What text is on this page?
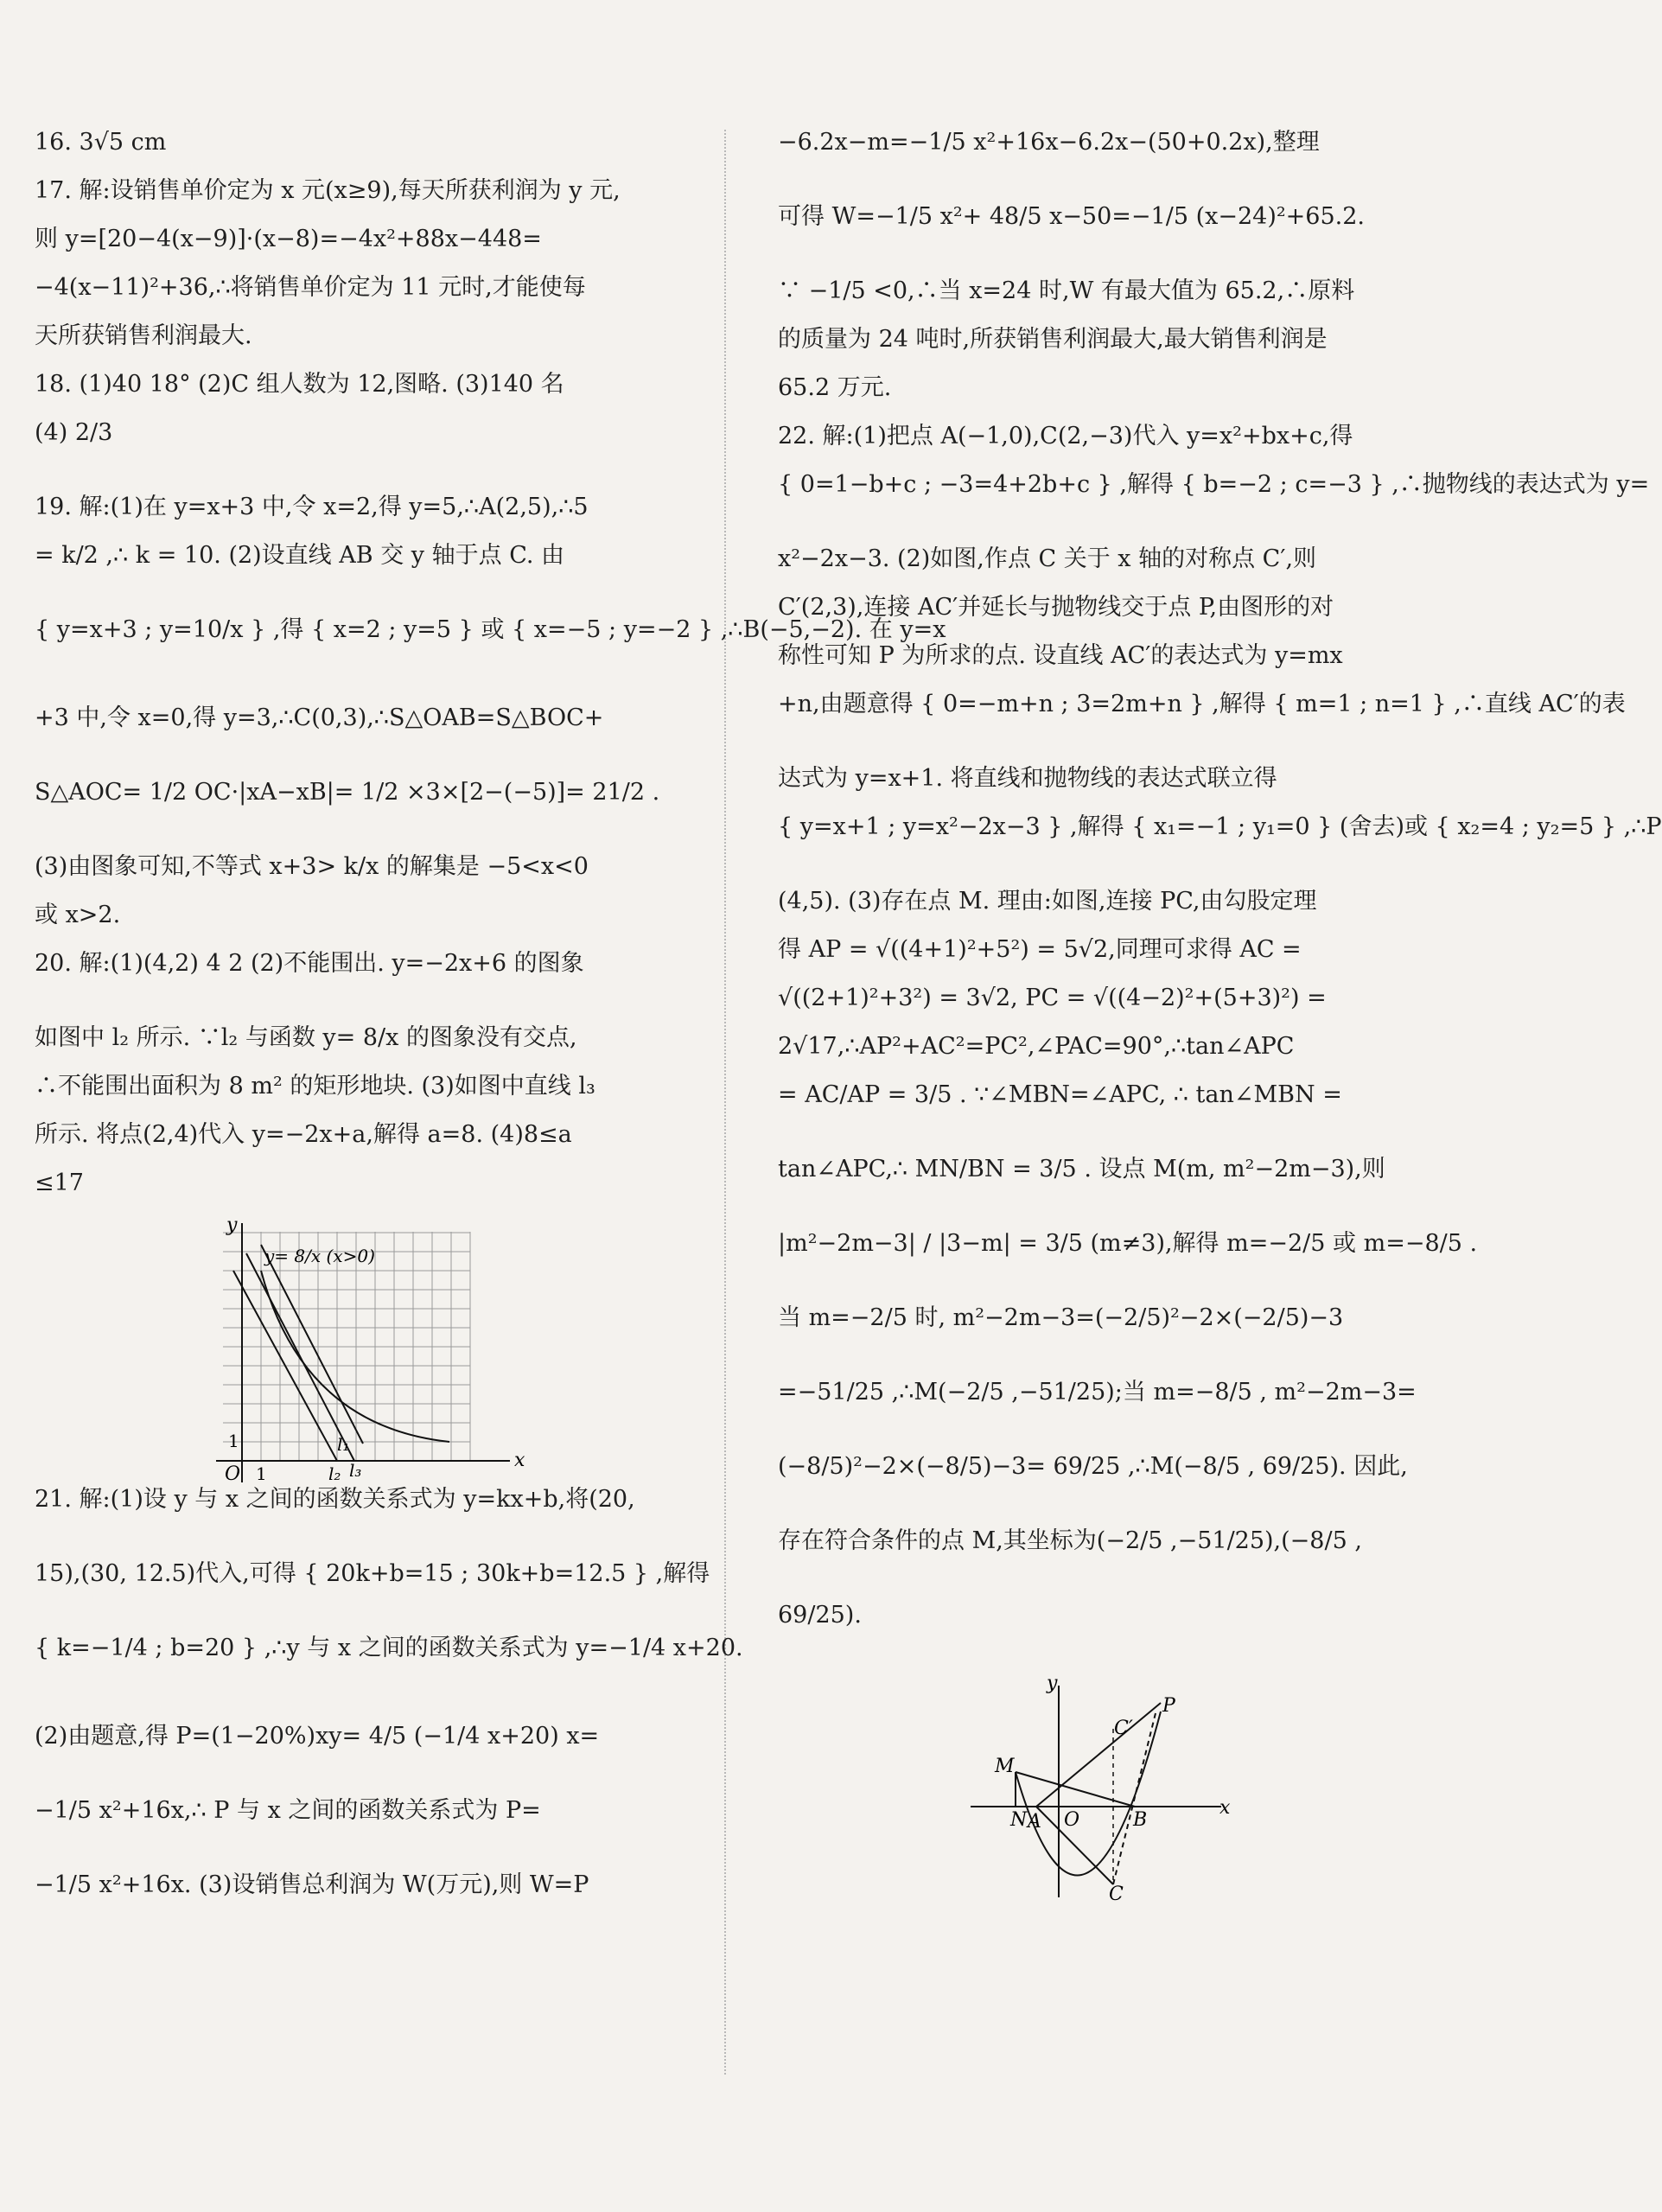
16. 3√5 cm

17. 解:设销售单价定为 x 元(x≥9),每天所获利润为 y 元,

则 y=[20−4(x−9)]·(x−8)=−4x²+88x−448=

−4(x−11)²+36,∴将销售单价定为 11 元时,才能使每

天所获销售利润最大.

18. (1)40 18° (2)C 组人数为 12,图略. (3)140 名

(4) 2/3

19. 解:(1)在 y=x+3 中,令 x=2,得 y=5,∴A(2,5),∴5

= k/2 ,∴ k = 10. (2)设直线 AB 交 y 轴于点 C. 由

{ y=x+3 ; y=10/x } ,得 { x=2 ; y=5 } 或 { x=−5 ; y=−2 } ,∴B(−5,−2). 在 y=x

+3 中,令 x=0,得 y=3,∴C(0,3),∴S△OAB=S△BOC+

S△AOC= 1/2 OC·|xA−xB|= 1/2 ×3×[2−(−5)]= 21/2 .

(3)由图象可知,不等式 x+3> k/x 的解集是 −5<x<0

或 x>2.

20. 解:(1)(4,2) 4 2 (2)不能围出. y=−2x+6 的图象

如图中 l₂ 所示. ∵l₂ 与函数 y= 8/x 的图象没有交点,

∴不能围出面积为 8 m² 的矩形地块. (3)如图中直线 l₃

所示. 将点(2,4)代入 y=−2x+a,解得 a=8. (4)8≤a

≤17

y
x
O 1
1
y= 8/x (x>0)
l₁
l₂ l₃

21. 解:(1)设 y 与 x 之间的函数关系式为 y=kx+b,将(20,

15),(30, 12.5)代入,可得 { 20k+b=15 ; 30k+b=12.5 } ,解得

{ k=−1/4 ; b=20 } ,∴y 与 x 之间的函数关系式为 y=−1/4 x+20.

(2)由题意,得 P=(1−20%)xy= 4/5 (−1/4 x+20) x=

−1/5 x²+16x,∴ P 与 x 之间的函数关系式为 P=

−1/5 x²+16x. (3)设销售总利润为 W(万元),则 W=P

−6.2x−m=−1/5 x²+16x−6.2x−(50+0.2x),整理

可得 W=−1/5 x²+ 48/5 x−50=−1/5 (x−24)²+65.2.

∵ −1/5 <0,∴当 x=24 时,W 有最大值为 65.2,∴原料

的质量为 24 吨时,所获销售利润最大,最大销售利润是

65.2 万元.

22. 解:(1)把点 A(−1,0),C(2,−3)代入 y=x²+bx+c,得

{ 0=1−b+c ; −3=4+2b+c } ,解得 { b=−2 ; c=−3 } ,∴抛物线的表达式为 y=

x²−2x−3. (2)如图,作点 C 关于 x 轴的对称点 C′,则

C′(2,3),连接 AC′并延长与抛物线交于点 P,由图形的对

称性可知 P 为所求的点. 设直线 AC′的表达式为 y=mx

+n,由题意得 { 0=−m+n ; 3=2m+n } ,解得 { m=1 ; n=1 } ,∴直线 AC′的表

达式为 y=x+1. 将直线和抛物线的表达式联立得

{ y=x+1 ; y=x²−2x−3 } ,解得 { x₁=−1 ; y₁=0 } (舍去)或 { x₂=4 ; y₂=5 } ,∴P

(4,5). (3)存在点 M. 理由:如图,连接 PC,由勾股定理

得 AP = √((4+1)²+5²) = 5√2,同理可求得 AC =

√((2+1)²+3²) = 3√2, PC = √((4−2)²+(5+3)²) =

2√17,∴AP²+AC²=PC²,∠PAC=90°,∴tan∠APC

= AC/AP = 3/5 . ∵∠MBN=∠APC, ∴ tan∠MBN =

tan∠APC,∴ MN/BN = 3/5 . 设点 M(m, m²−2m−3),则

|m²−2m−3| / |3−m| = 3/5 (m≠3),解得 m=−2/5 或 m=−8/5 .

当 m=−2/5 时, m²−2m−3=(−2/5)²−2×(−2/5)−3

=−51/25 ,∴M(−2/5 ,−51/25);当 m=−8/5 , m²−2m−3=

(−8/5)²−2×(−8/5)−3= 69/25 ,∴M(−8/5 , 69/25). 因此,

存在符合条件的点 M,其坐标为(−2/5 ,−51/25),(−8/5 ,

69/25).

y
x
M
N A O	B
C′
P
C
